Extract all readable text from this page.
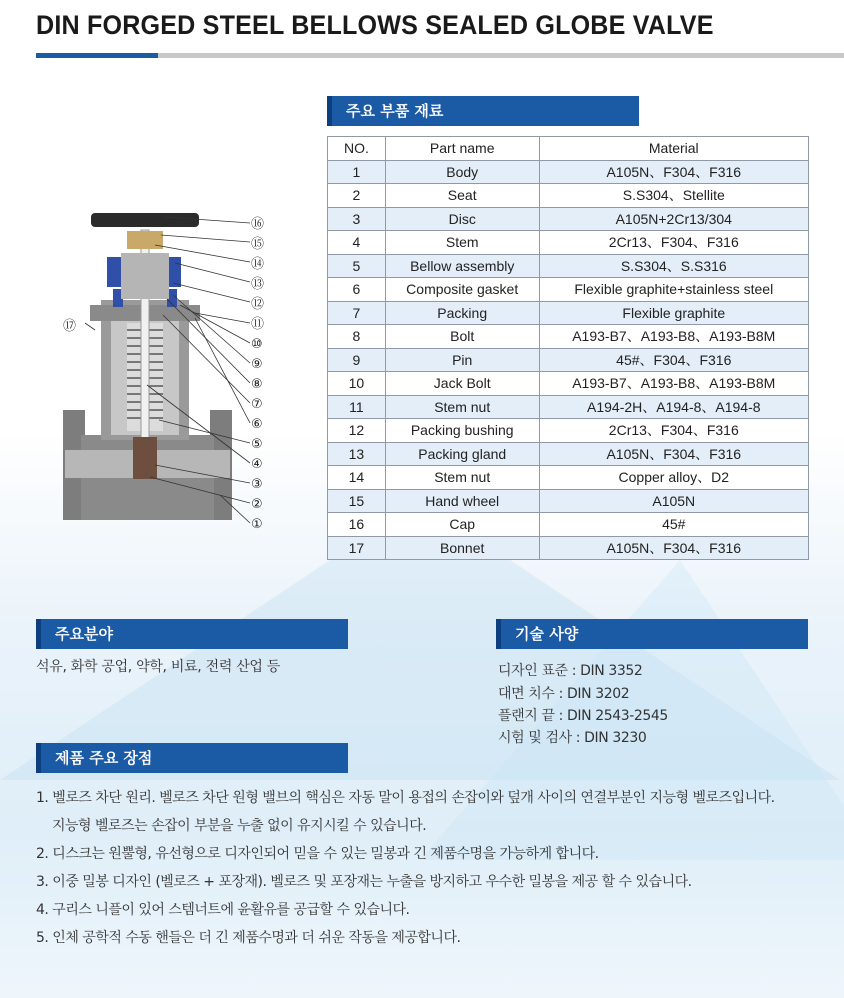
DIN FORGED STEEL BELLOWS SEALED GLOBE VALVE
주요 부품 재료
NO.	Part name	Material
1	Body	A105N、F304、F316
2	Seat	S.S304、Stellite
3	Disc	A105N+2Cr13/304
4	Stem	2Cr13、F304、F316
5	Bellow assembly	S.S304、S.S316
6	Composite gasket	Flexible graphite+stainless steel
7	Packing	Flexible graphite
8	Bolt	A193-B7、A193-B8、A193-B8M
9	Pin	45#、F304、F316
10	Jack Bolt	A193-B7、A193-B8、A193-B8M
11	Stem nut	A194-2H、A194-8、A194-8
12	Packing bushing	2Cr13、F304、F316
13	Packing gland	A105N、F304、F316
14	Stem nut	Copper alloy、D2
15	Hand wheel	A105N
16	Cap	45#
17	Bonnet	A105N、F304、F316
⑯
⑮
⑭
⑬
⑫
⑪
⑩
⑨
⑧
⑦
⑥
⑤
④
③
②
①
⑰
주요분야
석유, 화학 공업, 약학, 비료, 전력 산업 등
기술 사양
디자인 표준 : DIN 3352
대면 치수 : DIN 3202
플랜지 끝 : DIN 2543-2545
시험 및 검사 : DIN 3230
제품 주요 장점
1. 벨로즈 차단 원리. 벨로즈 차단 원형 밸브의 핵심은 자동 말이 용접의 손잡이와 덮개 사이의 연결부분인 지능형 벨로즈입니다.
지능형 벨로즈는 손잡이 부분을 누출 없이 유지시킬 수 있습니다.
2. 디스크는 원뿔형, 유선형으로 디자인되어 믿을 수 있는 밀봉과 긴 제품수명을 가능하게 합니다.
3. 이중 밀봉 디자인 (벨로즈 + 포장재). 벨로즈 및 포장재는 누출을 방지하고 우수한 밀봉을 제공 할 수 있습니다.
4. 구리스 니플이 있어 스템너트에 윤활유를 공급할 수 있습니다.
5. 인체 공학적 수동 핸들은 더 긴 제품수명과 더 쉬운 작동을 제공합니다.
